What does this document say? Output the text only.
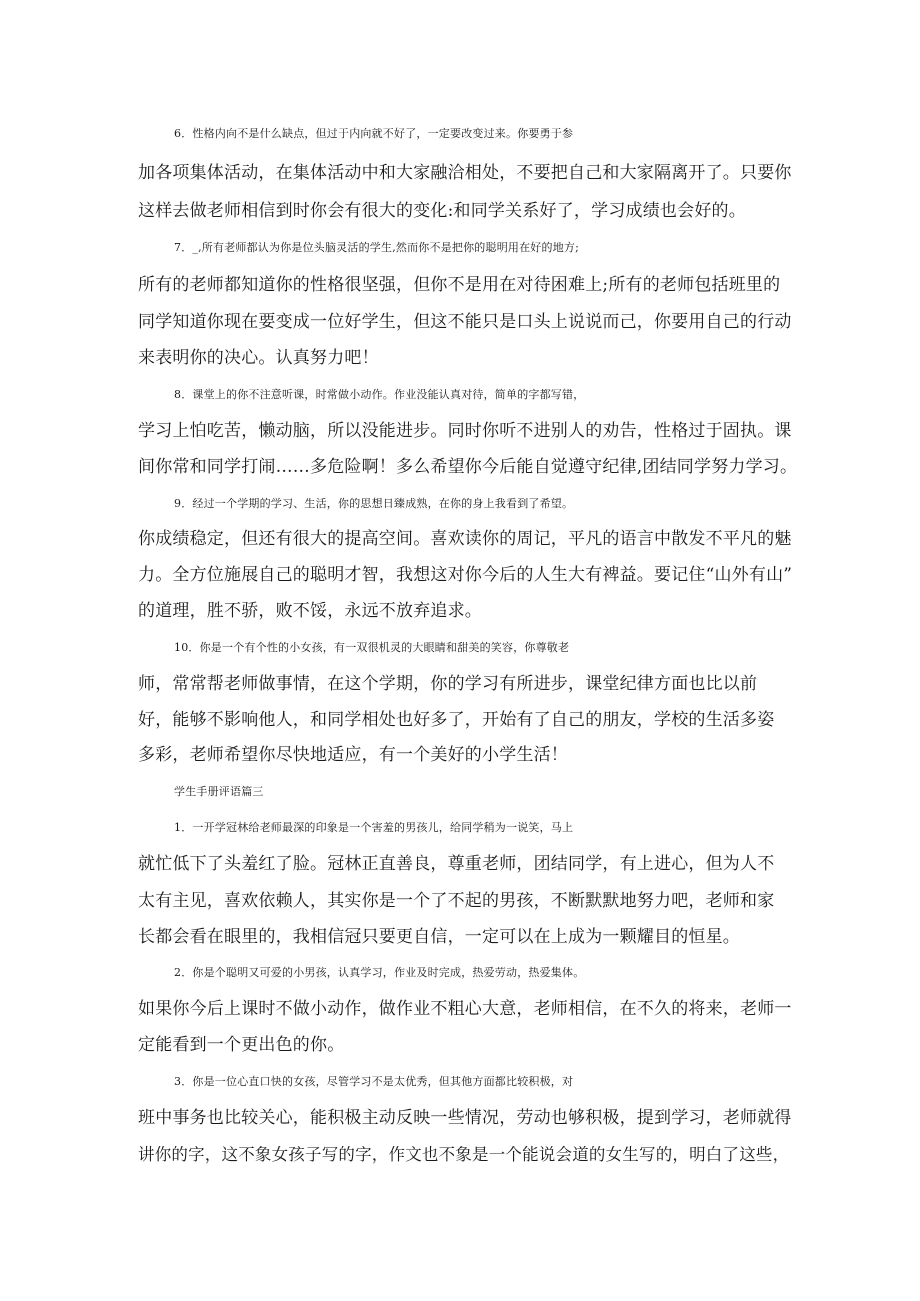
6．性格内向不是什么缺点，但过于内向就不好了，一定要改变过来。你要勇于参
加各项集体活动，在集体活动中和大家融洽相处，不要把自己和大家隔离开了。只要你
这样去做老师相信到时你会有很大的变化:和同学关系好了，学习成绩也会好的。
7．_,所有老师都认为你是位头脑灵活的学生,然而你不是把你的聪明用在好的地方;
所有的老师都知道你的性格很坚强，但你不是用在对待困难上;所有的老师包括班里的
同学知道你现在要变成一位好学生，但这不能只是口头上说说而己，你要用自己的行动
来表明你的决心。认真努力吧！
8．课堂上的你不注意听课，时常做小动作。作业没能认真对待，简单的字都写错，
学习上怕吃苦，懒动脑，所以没能进步。同时你听不进别人的劝告，性格过于固执。课
间你常和同学打闹……多危险啊！多么希望你今后能自觉遵守纪律,团结同学努力学习。
9．经过一个学期的学习、生活，你的思想日臻成熟，在你的身上我看到了希望。
你成绩稳定，但还有很大的提高空间。喜欢读你的周记，平凡的语言中散发不平凡的魅
力。全方位施展自己的聪明才智，我想这对你今后的人生大有裨益。要记住“山外有山”
的道理，胜不骄，败不馁，永远不放弃追求。
10．你是一个有个性的小女孩，有一双很机灵的大眼睛和甜美的笑容，你尊敬老
师，常常帮老师做事情，在这个学期，你的学习有所进步，课堂纪律方面也比以前
好，能够不影响他人，和同学相处也好多了，开始有了自己的朋友，学校的生活多姿
多彩，老师希望你尽快地适应，有一个美好的小学生活！
学生手册评语篇三
1．一开学冠林给老师最深的印象是一个害羞的男孩儿，给同学稍为一说笑，马上
就忙低下了头羞红了脸。冠林正直善良，尊重老师，团结同学，有上进心，但为人不
太有主见，喜欢依赖人，其实你是一个了不起的男孩，不断默默地努力吧，老师和家
长都会看在眼里的，我相信冠只要更自信，一定可以在上成为一颗耀目的恒星。
2．你是个聪明又可爱的小男孩，认真学习，作业及时完成，热爱劳动，热爱集体。
如果你今后上课时不做小动作，做作业不粗心大意，老师相信，在不久的将来，老师一
定能看到一个更出色的你。
3．你是一位心直口快的女孩，尽管学习不是太优秀，但其他方面都比较积极，对
班中事务也比较关心，能积极主动反映一些情况，劳动也够积极，提到学习，老师就得
讲你的字，这不象女孩子写的字，作文也不象是一个能说会道的女生写的，明白了这些，
